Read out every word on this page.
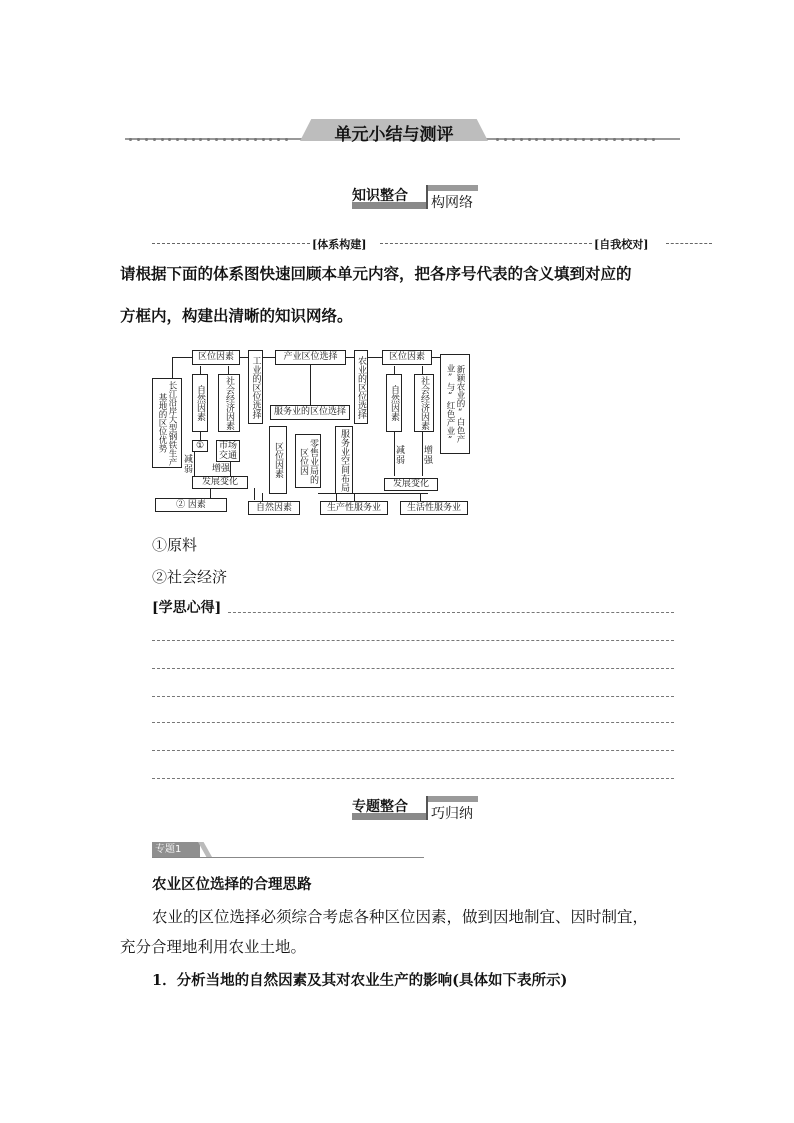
单元小结与测评
知识整合 构网络
[体系构建]	[自我校对]
请根据下面的体系图快速回顾本单元内容，把各序号代表的含义填到对应的
方框内，构建出清晰的知识网络。
区位因素	工业的区位选择	产业区位选择	农业的区位选择	区位因素
新颖农业的“白色产业”与“红色产业”
长江沿岸大型钢铁生产基地的区位优势	自然因素	社会经济因素
①	市场交通
减弱 增强
发展变化
② 因素
服务业的区位选择
区位因素	零售业局的区位因	服务业空间布局
自然因素	社会经济因素
减弱
增强
发展变化
自然因素	生产性服务业	生活性服务业
①原料
②社会经济
[学思心得]
专题整合 巧归纳
专题1
农业区位选择的合理思路
农业的区位选择必须综合考虑各种区位因素，做到因地制宜、因时制宜，
充分合理地利用农业土地。
1．分析当地的自然因素及其对农业生产的影响(具体如下表所示)
